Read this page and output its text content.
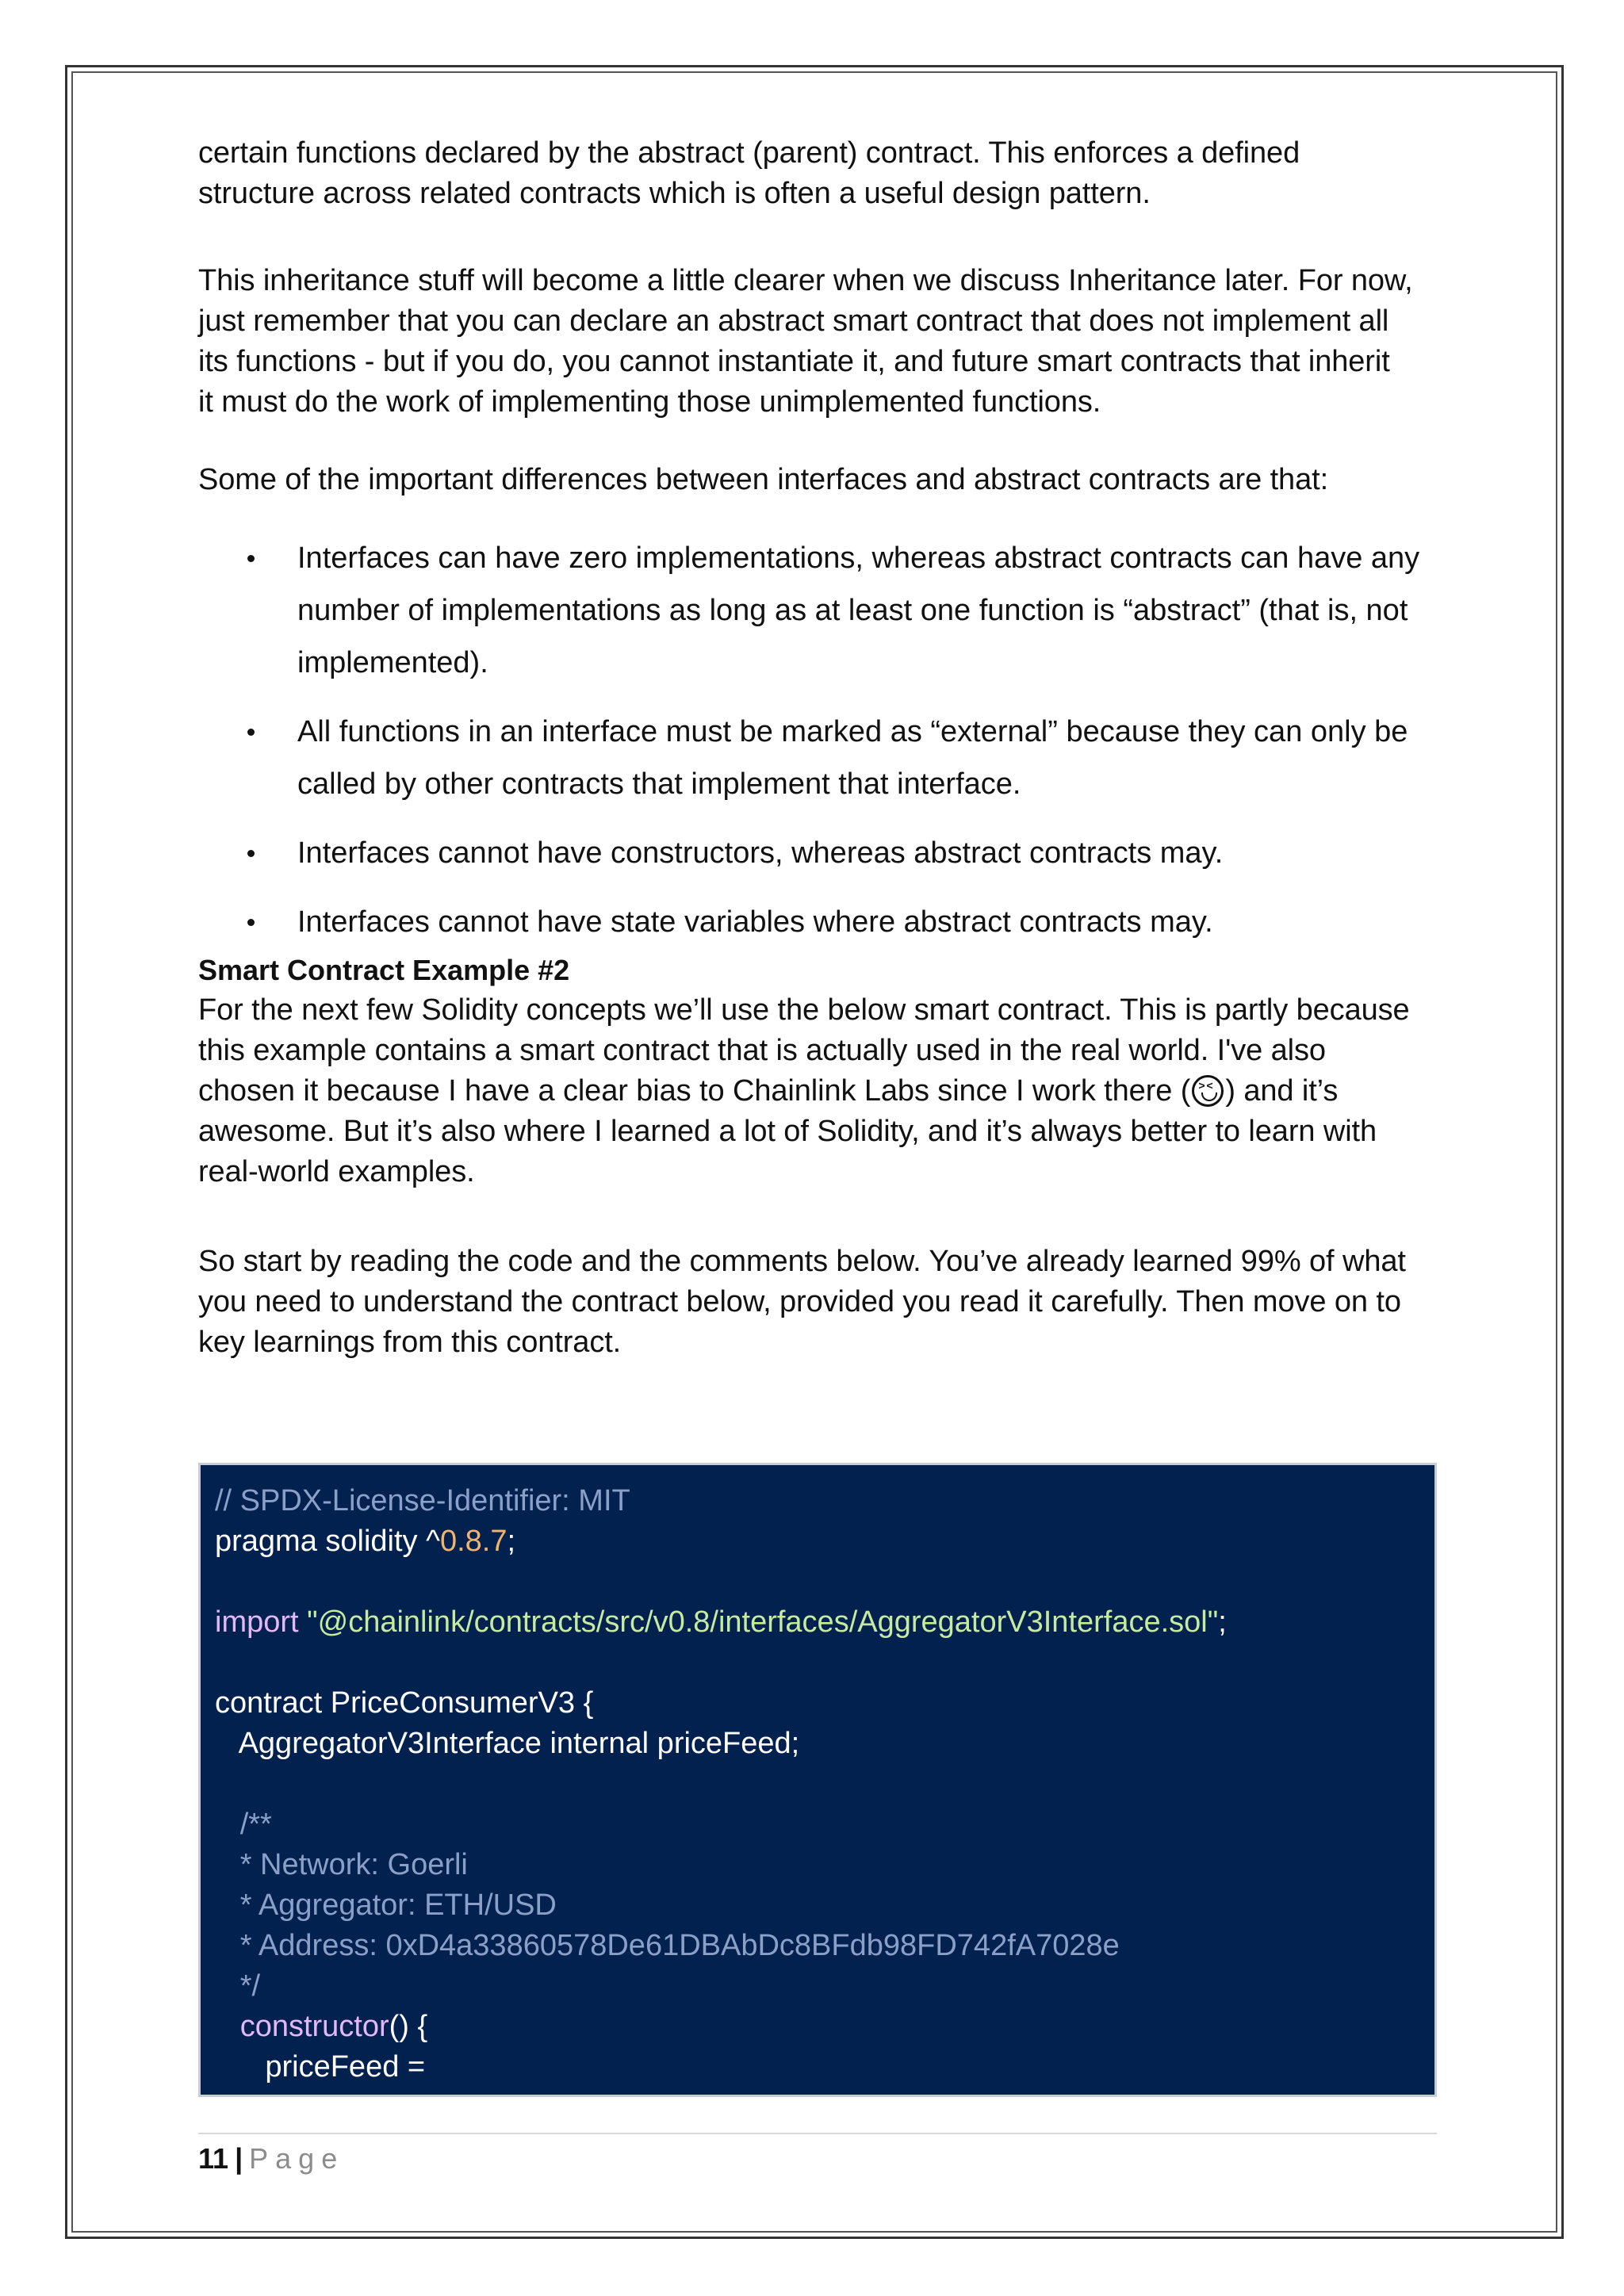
certain functions declared by the abstract (parent) contract. This enforces a defined
structure across related contracts which is often a useful design pattern.

This inheritance stuff will become a little clearer when we discuss Inheritance later. For now,
just remember that you can declare an abstract smart contract that does not implement all
its functions - but if you do, you cannot instantiate it, and future smart contracts that inherit
it must do the work of implementing those unimplemented functions.

Some of the important differences between interfaces and abstract contracts are that:

Interfaces can have zero implementations, whereas abstract contracts can have any
number of implementations as long as at least one function is “abstract” (that is, not
implemented).
All functions in an interface must be marked as “external” because they can only be
called by other contracts that implement that interface.
Interfaces cannot have constructors, whereas abstract contracts may.
Interfaces cannot have state variables where abstract contracts may.
Smart Contract Example #2

For the next few Solidity concepts we’ll use the below smart contract. This is partly because
this example contains a smart contract that is actually used in the real world. I've also
chosen it because I have a clear bias to Chainlink Labs since I work there (>< ) and it’s
awesome. But it’s also where I learned a lot of Solidity, and it’s always better to learn with
real-world examples.

So start by reading the code and the comments below. You’ve already learned 99% of what
you need to understand the contract below, provided you read it carefully. Then move on to
key learnings from this contract.

// SPDX-License-Identifier: MIT
pragma solidity ^0.8.7;
import "@chainlink/contracts/src/v0.8/interfaces/AggregatorV3Interface.sol";
contract PriceConsumerV3 {
AggregatorV3Interface internal priceFeed;
/**
* Network: Goerli
* Aggregator: ETH/USD
* Address: 0xD4a33860578De61DBAbDc8BFdb98FD742fA7028e
*/
constructor() {
priceFeed =
11 | Page
